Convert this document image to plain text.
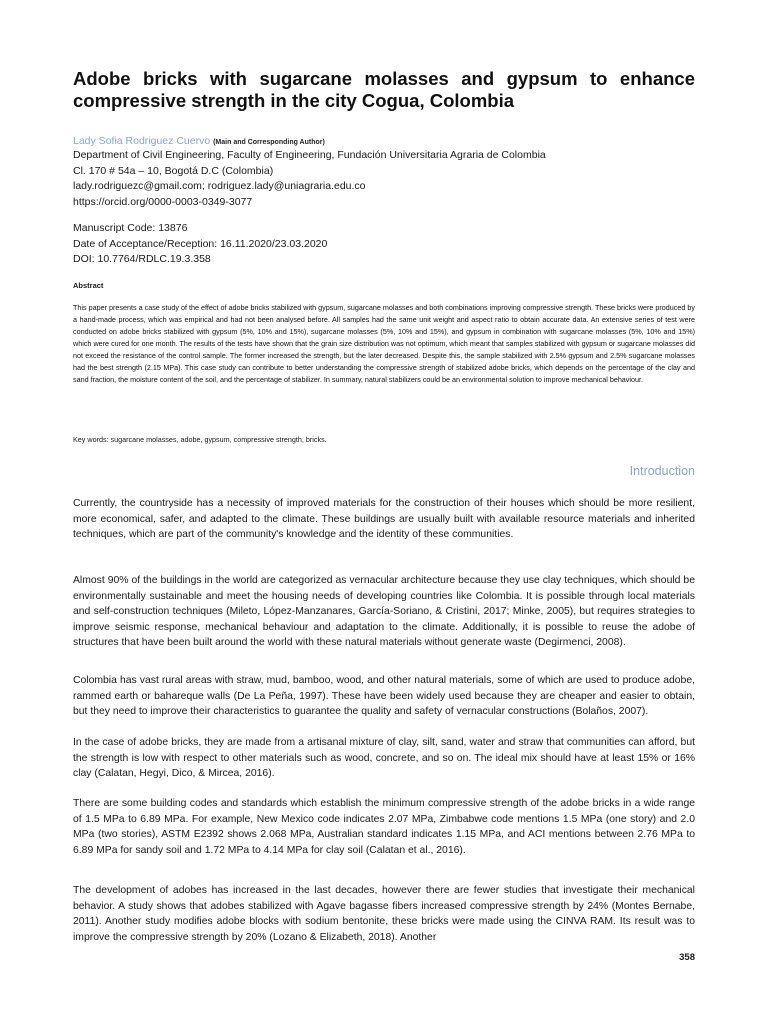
Adobe bricks with sugarcane molasses and gypsum to enhance compressive strength in the city Cogua, Colombia
Lady Sofia Rodriguez Cuervo (Main and Corresponding Author)
Department of Civil Engineering, Faculty of Engineering, Fundación Universitaria Agraria de Colombia
Cl. 170 # 54a – 10, Bogotá D.C (Colombia)
lady.rodriguezc@gmail.com; rodriguez.lady@uniagraria.edu.co
https://orcid.org/0000-0003-0349-3077
Manuscript Code: 13876
Date of Acceptance/Reception: 16.11.2020/23.03.2020
DOI: 10.7764/RDLC.19.3.358
Abstract
This paper presents a case study of the effect of adobe bricks stabilized with gypsum, sugarcane molasses and both combinations improving compressive strength. These bricks were produced by a hand-made process, which was empirical and had not been analysed before. All samples had the same unit weight and aspect ratio to obtain accurate data. An extensive series of test were conducted on adobe bricks stabilized with gypsum (5%, 10% and 15%), sugarcane molasses (5%, 10% and 15%), and gypsum in combination with sugarcane molasses (5%, 10% and 15%) which were cured for one month. The results of the tests have shown that the grain size distribution was not optimum, which meant that samples stabilized with gypsum or sugarcane molasses did not exceed the resistance of the control sample. The former increased the strength, but the later decreased. Despite this, the sample stabilized with 2.5% gypsum and 2.5% sugarcane molasses had the best strength (2.15 MPa). This case study can contribute to better understanding the compressive strength of stabilized adobe bricks, which depends on the percentage of the clay and sand fraction, the moisture content of the soil, and the percentage of stabilizer. In summary, natural stabilizers could be an environmental solution to improve mechanical behaviour.
Key words: sugarcane molasses, adobe, gypsum, compressive strength, bricks.
Introduction
Currently, the countryside has a necessity of improved materials for the construction of their houses which should be more resilient, more economical, safer, and adapted to the climate. These buildings are usually built with available resource materials and inherited techniques, which are part of the community's knowledge and the identity of these communities.
Almost 90% of the buildings in the world are categorized as vernacular architecture because they use clay techniques, which should be environmentally sustainable and meet the housing needs of developing countries like Colombia. It is possible through local materials and self-construction techniques (Mileto, López-Manzanares, García-Soriano, & Cristini, 2017; Minke, 2005), but requires strategies to improve seismic response, mechanical behaviour and adaptation to the climate. Additionally, it is possible to reuse the adobe of structures that have been built around the world with these natural materials without generate waste (Degirmenci, 2008).
Colombia has vast rural areas with straw, mud, bamboo, wood, and other natural materials, some of which are used to produce adobe, rammed earth or bahareque walls (De La Peña, 1997). These have been widely used because they are cheaper and easier to obtain, but they need to improve their characteristics to guarantee the quality and safety of vernacular constructions (Bolaños, 2007).
In the case of adobe bricks, they are made from a artisanal mixture of clay, silt, sand, water and straw that communities can afford, but the strength is low with respect to other materials such as wood, concrete, and so on. The ideal mix should have at least 15% or 16% clay (Calatan, Hegyi, Dico, & Mircea, 2016).
There are some building codes and standards which establish the minimum compressive strength of the adobe bricks in a wide range of 1.5 MPa to 6.89 MPa. For example, New Mexico code indicates 2.07 MPa, Zimbabwe code mentions 1.5 MPa (one story) and 2.0 MPa (two stories), ASTM E2392 shows 2.068 MPa, Australian standard indicates 1.15 MPa, and ACI mentions between 2.76 MPa to 6.89 MPa for sandy soil and 1.72 MPa to 4.14 MPa for clay soil (Calatan et al., 2016).
The development of adobes has increased in the last decades, however there are fewer studies that investigate their mechanical behavior. A study shows that adobes stabilized with Agave bagasse fibers increased compressive strength by 24% (Montes Bernabe, 2011). Another study modifies adobe blocks with sodium bentonite, these bricks were made using the CINVA RAM. Its result was to improve the compressive strength by 20% (Lozano & Elizabeth, 2018). Another
358
